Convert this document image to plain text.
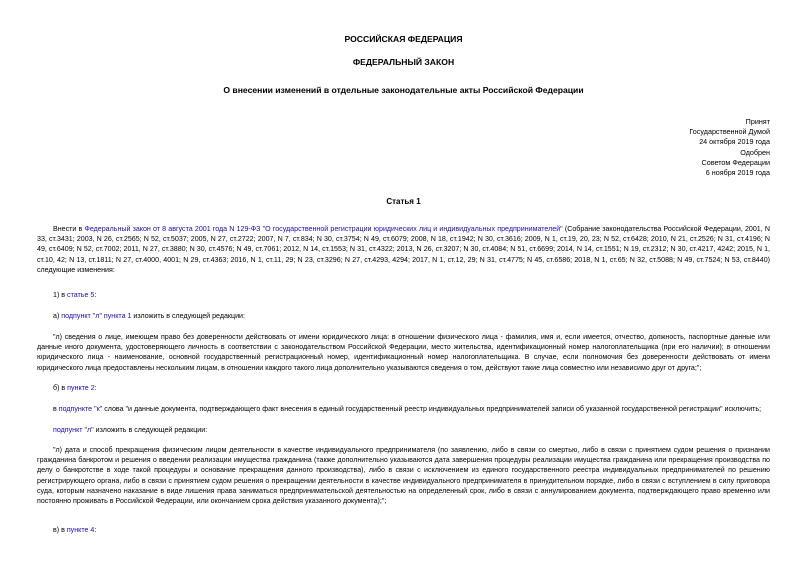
РОССИЙСКАЯ ФЕДЕРАЦИЯ
ФЕДЕРАЛЬНЫЙ ЗАКОН
О внесении изменений в отдельные законодательные акты Российской Федерации
Принят
Государственной Думой
24 октября 2019 года
Одобрен
Советом Федерации
6 ноября 2019 года
Статья 1
Внести в Федеральный закон от 8 августа 2001 года N 129-ФЗ "О государственной регистрации юридических лиц и индивидуальных предпринимателей" (Собрание законодательства Российской Федерации, 2001, N 33, ст.3431; 2003, N 26, ст.2565; N 52, ст.5037; 2005, N 27, ст.2722; 2007, N 7, ст.834; N 30, ст.3754; N 49, ст.6079; 2008, N 18, ст.1942; N 30, ст.3616; 2009, N 1, ст.19, 20, 23; N 52, ст.6428; 2010, N 21, ст.2526; N 31, ст.4196; N 49, ст.6409; N 52, ст.7002; 2011, N 27, ст.3880; N 30, ст.4576; N 49, ст.7061; 2012, N 14, ст.1553; N 31, ст.4322; 2013, N 26, ст.3207; N 30, ст.4084; N 51, ст.6699; 2014, N 14, ст.1551; N 19, ст.2312; N 30, ст.4217, 4242; 2015, N 1, ст.10, 42; N 13, ст.1811; N 27, ст.4000, 4001; N 29, ст.4363; 2016, N 1, ст.11, 29; N 23, ст.3296; N 27, ст.4293, 4294; 2017, N 1, ст.12, 29; N 31, ст.4775; N 45, ст.6586; 2018, N 1, ст.65; N 32, ст.5088; N 49, ст.7524; N 53, ст.8440) следующие изменения:
1) в статье 5:
а) подпункт "л" пункта 1 изложить в следующей редакции:
"л) сведения о лице, имеющем право без доверенности действовать от имени юридического лица: в отношении физического лица - фамилия, имя и, если имеется, отчество, должность, паспортные данные или данные иного документа, удостоверяющего личность в соответствии с законодательством Российской Федерации, место жительства, идентификационный номер налогоплательщика (при его наличии); в отношении юридического лица - наименование, основной государственный регистрационный номер, идентификационный номер налогоплательщика. В случае, если полномочия без доверенности действовать от имени юридического лица предоставлены нескольким лицам, в отношении каждого такого лица дополнительно указываются сведения о том, действуют такие лица совместно или независимо друг от друга;";
б) в пункте 2:
в подпункте "к" слова "и данные документа, подтверждающего факт внесения в единый государственный реестр индивидуальных предпринимателей записи об указанной государственной регистрации" исключить;
подпункт "л" изложить в следующей редакции:
"л) дата и способ прекращения физическим лицом деятельности в качестве индивидуального предпринимателя (по заявлению, либо в связи со смертью, либо в связи с принятием судом решения о признании гражданина банкротом и решения о введении реализации имущества гражданина (также дополнительно указываются дата завершения процедуры реализации имущества гражданина или прекращения производства по делу о банкротстве в ходе такой процедуры и основание прекращения данного производства), либо в связи с исключением из единого государственного реестра индивидуальных предпринимателей по решению регистрирующего органа, либо в связи с принятием судом решения о прекращении деятельности в качестве индивидуального предпринимателя в принудительном порядке, либо в связи с вступлением в силу приговора суда, которым назначено наказание в виде лишения права заниматься предпринимательской деятельностью на определенный срок, либо в связи с аннулированием документа, подтверждающего право временно или постоянно проживать в Российской Федерации, или окончанием срока действия указанного документа);";
в) в пункте 4:
